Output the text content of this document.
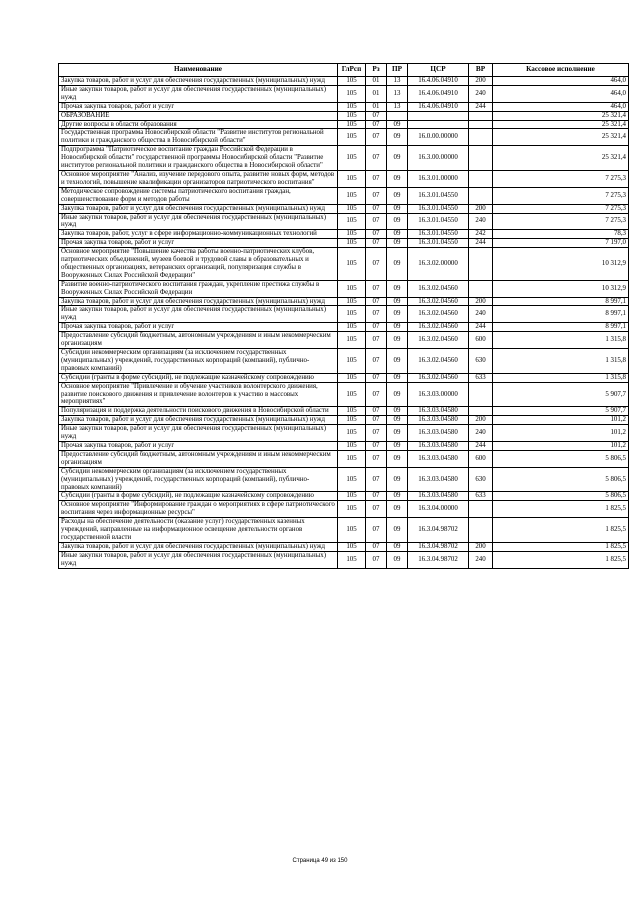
Наименование	ГлРсп	Рз	ПР	ЦСР	ВР	Кассовое исполнение
Закупка товаров, работ и услуг для обеспечения государственных (муниципальных) нужд	105	01	13	16.4.06.04910	200	464,0
Иные закупки товаров, работ и услуг для обеспечения государственных (муниципальных) нужд	105	01	13	16.4.06.04910	240	464,0
Прочая закупка товаров, работ и услуг	105	01	13	16.4.06.04910	244	464,0
ОБРАЗОВАНИЕ	105	07				25 321,4
Другие вопросы в области образования	105	07	09			25 321,4
Государственная программа Новосибирской области "Развитие институтов региональной политики и гражданского общества в Новосибирской области"	105	07	09	16.0.00.00000		25 321,4
Подпрограмма "Патриотическое воспитание граждан Российской Федерации в Новосибирской области" государственной программы Новосибирской области "Развитие институтов региональной политики и гражданского общества в Новосибирской области"	105	07	09	16.3.00.00000		25 321,4
Основное мероприятие "Анализ, изучение передового опыта, развитие новых форм, методов и технологий, повышение квалификации организаторов патриотического воспитания"	105	07	09	16.3.01.00000		7 275,3
Методическое сопровождение системы патриотического воспитания граждан, совершенствование форм и методов работы	105	07	09	16.3.01.04550		7 275,3
Закупка товаров, работ и услуг для обеспечения государственных (муниципальных) нужд	105	07	09	16.3.01.04550	200	7 275,3
Иные закупки товаров, работ и услуг для обеспечения государственных (муниципальных) нужд	105	07	09	16.3.01.04550	240	7 275,3
Закупка товаров, работ, услуг в сфере информационно-коммуникационных технологий	105	07	09	16.3.01.04550	242	78,3
Прочая закупка товаров, работ и услуг	105	07	09	16.3.01.04550	244	7 197,0
Основное мероприятие "Повышение качества работы военно-патриотических клубов, патриотических объединений, музеев боевой и трудовой славы в образовательных и общественных организациях, ветеранских организаций, популяризация службы в Вооруженных Силах Российской Федерации"	105	07	09	16.3.02.00000		10 312,9
Развитие военно-патриотического воспитания граждан, укрепление престижа службы в Вооруженных Силах Российской Федерации	105	07	09	16.3.02.04560		10 312,9
Закупка товаров, работ и услуг для обеспечения государственных (муниципальных) нужд	105	07	09	16.3.02.04560	200	8 997,1
Иные закупки товаров, работ и услуг для обеспечения государственных (муниципальных) нужд	105	07	09	16.3.02.04560	240	8 997,1
Прочая закупка товаров, работ и услуг	105	07	09	16.3.02.04560	244	8 997,1
Предоставление субсидий бюджетным, автономным учреждениям и иным некоммерческим организациям	105	07	09	16.3.02.04560	600	1 315,8
Субсидии некоммерческим организациям (за исключением государственных (муниципальных) учреждений, государственных корпораций (компаний), публично-правовых компаний)	105	07	09	16.3.02.04560	630	1 315,8
Субсидии (гранты в форме субсидий), не подлежащие казначейскому сопровождению	105	07	09	16.3.02.04560	633	1 315,8
Основное мероприятие "Привлечение и обучение участников волонтерского движения, развитие поискового движения и привлечение волонтеров к участию в массовых мероприятиях"	105	07	09	16.3.03.00000		5 907,7
Популяризация и поддержка деятельности поискового движения в Новосибирской области	105	07	09	16.3.03.04580		5 907,7
Закупка товаров, работ и услуг для обеспечения государственных (муниципальных) нужд	105	07	09	16.3.03.04580	200	101,2
Иные закупки товаров, работ и услуг для обеспечения государственных (муниципальных) нужд	105	07	09	16.3.03.04580	240	101,2
Прочая закупка товаров, работ и услуг	105	07	09	16.3.03.04580	244	101,2
Предоставление субсидий бюджетным, автономным учреждениям и иным некоммерческим организациям	105	07	09	16.3.03.04580	600	5 806,5
Субсидии некоммерческим организациям (за исключением государственных (муниципальных) учреждений, государственных корпораций (компаний), публично-правовых компаний)	105	07	09	16.3.03.04580	630	5 806,5
Субсидии (гранты в форме субсидий), не подлежащие казначейскому сопровождению	105	07	09	16.3.03.04580	633	5 806,5
Основное мероприятие "Информирование граждан о мероприятиях в сфере патриотического воспитания через информационные ресурсы"	105	07	09	16.3.04.00000		1 825,5
Расходы на обеспечение деятельности (оказание услуг) государственных казенных учреждений, направленные на информационное освещение деятельности органов государственной власти	105	07	09	16.3.04.98702		1 825,5
Закупка товаров, работ и услуг для обеспечения государственных (муниципальных) нужд	105	07	09	16.3.04.98702	200	1 825,5
Иные закупки товаров, работ и услуг для обеспечения государственных (муниципальных) нужд	105	07	09	16.3.04.98702	240	1 825,5
Страница 49 из 150
